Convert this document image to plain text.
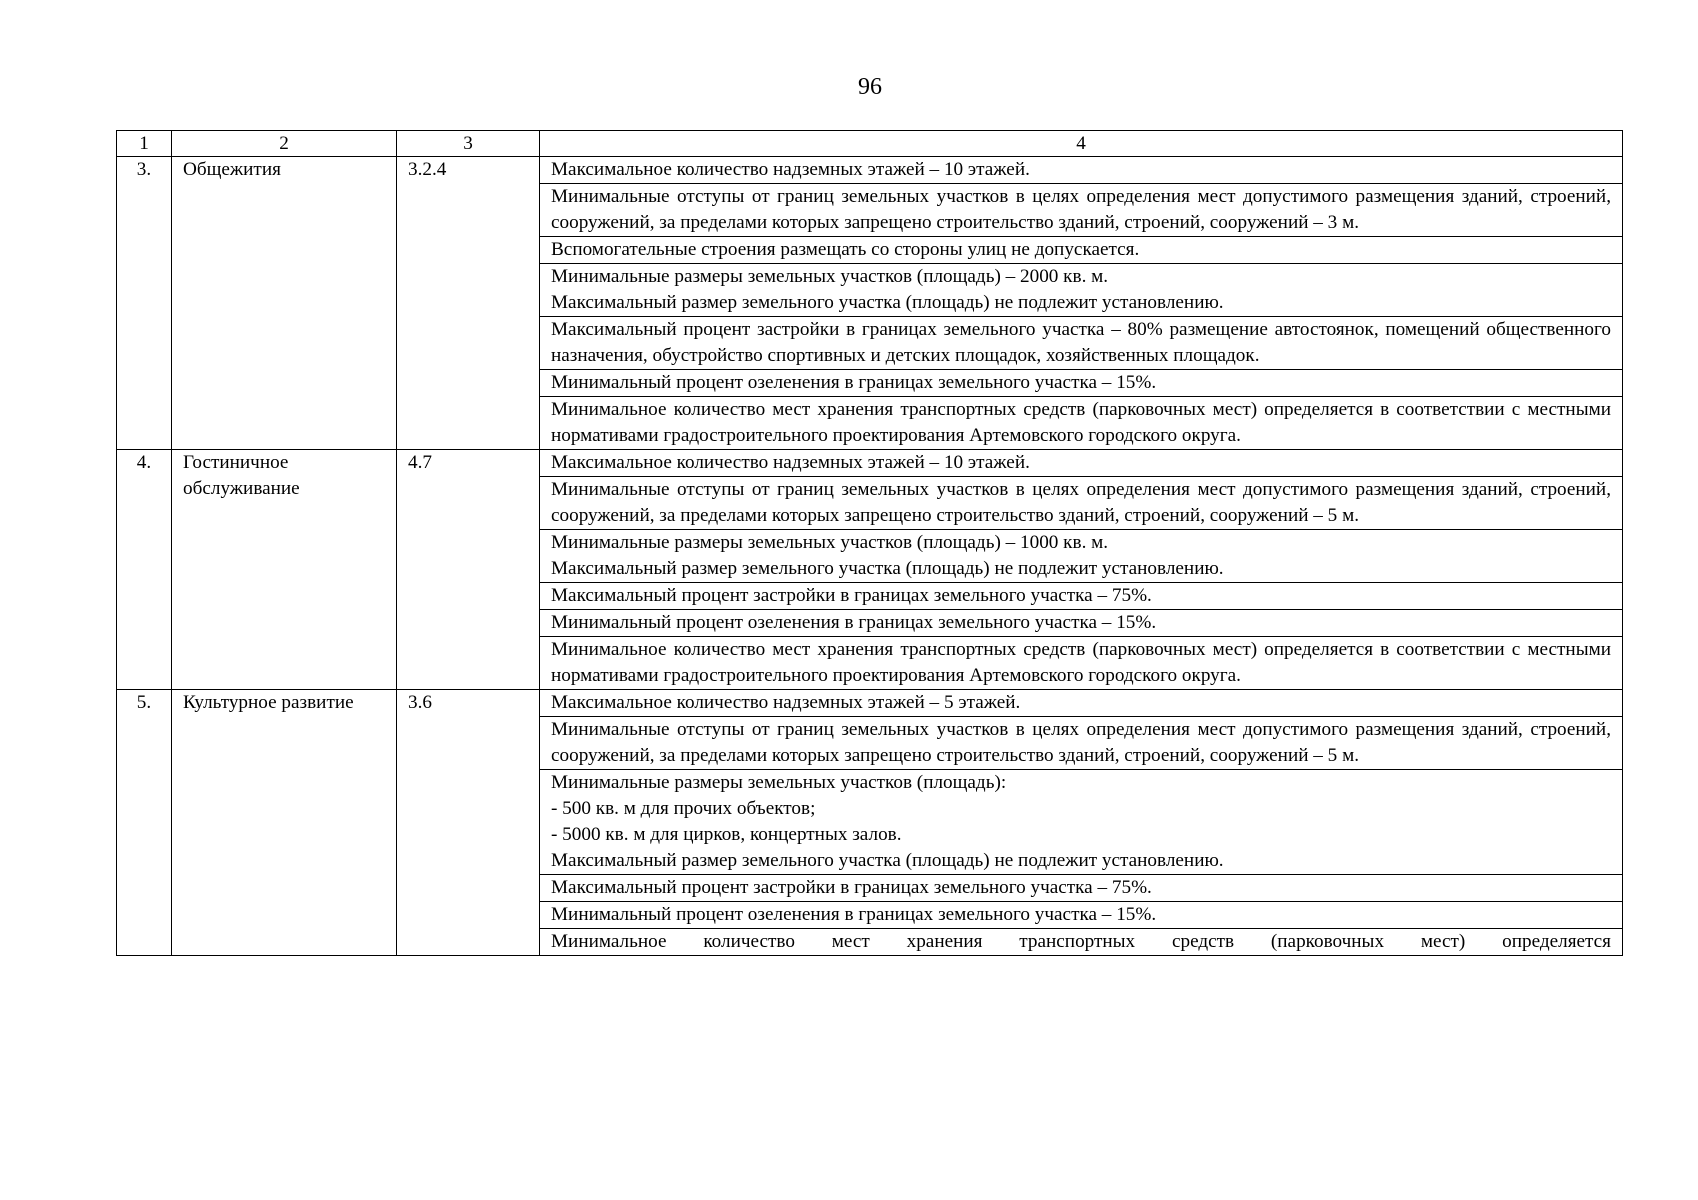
96
1	2	3	4
3.	Общежития	3.2.4	Максимальное количество надземных этажей – 10 этажей.
			Минимальные отступы от границ земельных участков в целях определения мест допустимого размещения зданий, строений, сооружений, за пределами которых запрещено строительство зданий, строений, сооружений – 3 м.
			Вспомогательные строения размещать со стороны улиц не допускается.

			Минимальные размеры земельных участков (площадь) – 2000 кв. м.
Максимальный размер земельного участка (площадь) не подлежит установлению.

			Максимальный процент застройки в границах земельного участка – 80% размещение автостоянок, помещений общественного назначения, обустройство спортивных и детских площадок, хозяйственных площадок.
			Минимальный процент озеленения в границах земельного участка – 15%.
			Минимальное количество мест хранения транспортных средств (парковочных мест) определяется в соответствии с местными нормативами градостроительного проектирования Артемовского городского округа.
4.	Гостиничное обслуживание	4.7	Максимальное количество надземных этажей – 10 этажей.
			Минимальные отступы от границ земельных участков в целях определения мест допустимого размещения зданий, строений, сооружений, за пределами которых запрещено строительство зданий, строений, сооружений – 5 м.

			Минимальные размеры земельных участков (площадь) – 1000 кв. м.
Максимальный размер земельного участка (площадь) не подлежит установлению.

			Максимальный процент застройки в границах земельного участка – 75%.
			Минимальный процент озеленения в границах земельного участка – 15%.
			Минимальное количество мест хранения транспортных средств (парковочных мест) определяется в соответствии с местными нормативами градостроительного проектирования Артемовского городского округа.
5.	Культурное развитие	3.6	Максимальное количество надземных этажей – 5 этажей.
			Минимальные отступы от границ земельных участков в целях определения мест допустимого размещения зданий, строений, сооружений, за пределами которых запрещено строительство зданий, строений, сооружений – 5 м.

			Минимальные размеры земельных участков (площадь):
- 500 кв. м для прочих объектов;
- 5000 кв. м для цирков, концертных залов.
Максимальный размер земельного участка (площадь) не подлежит установлению.

			Максимальный процент застройки в границах земельного участка – 75%.
			Минимальный процент озеленения в границах земельного участка – 15%.
			Минимальное количество мест хранения транспортных средств (парковочных мест) определяется
